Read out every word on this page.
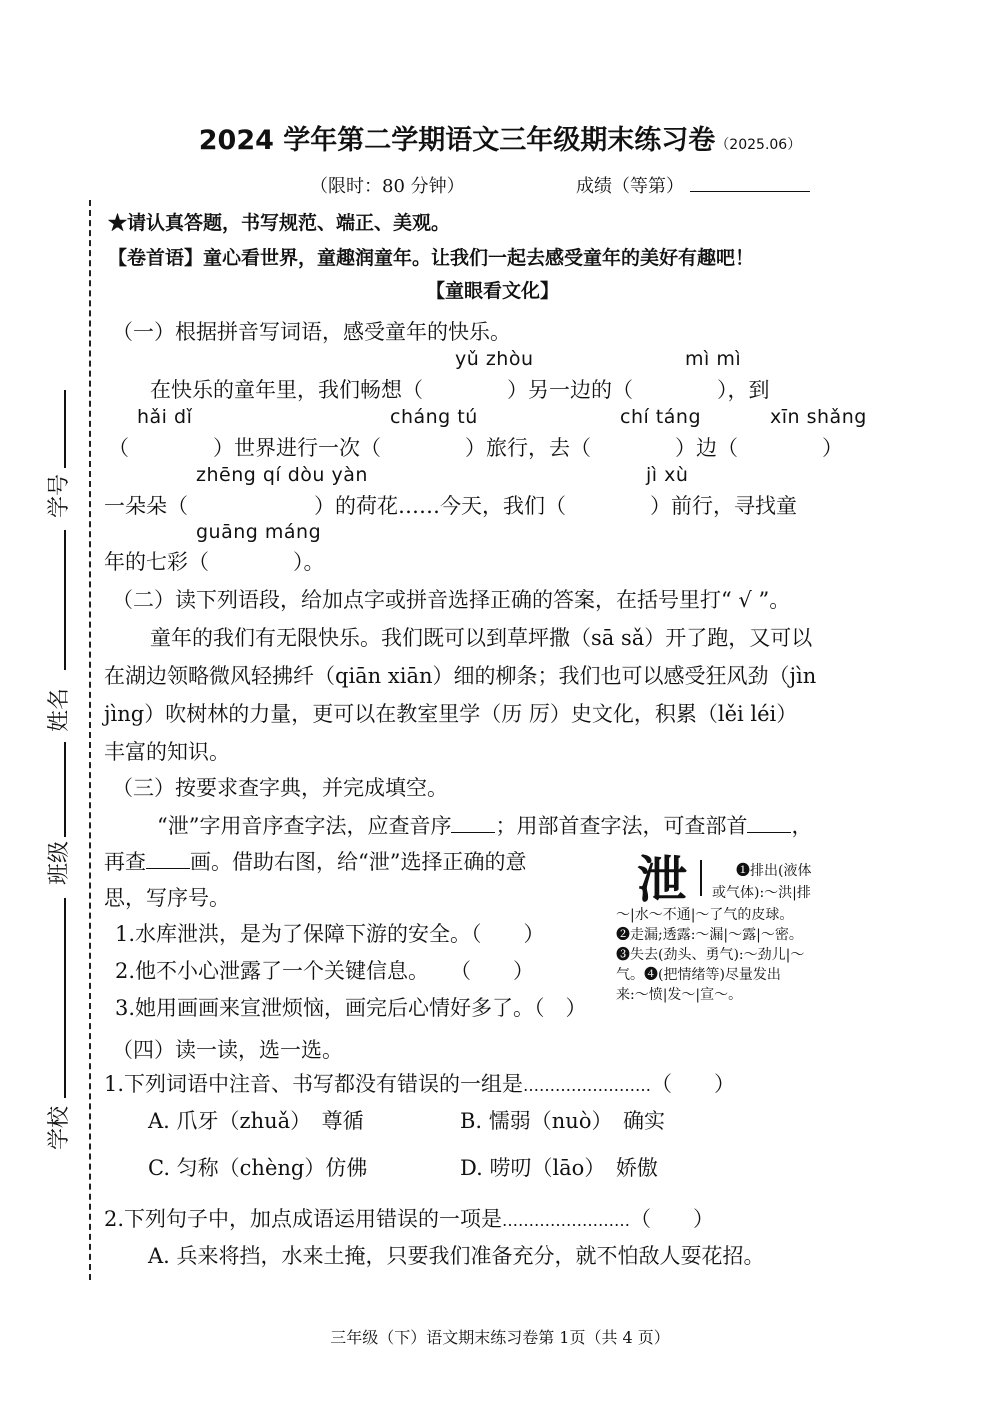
2024 学年第二学期语文三年级期末练习卷（2025.06）
（限时：80 分钟）	成绩（等第）
学号
姓名
班级
学校
★请认真答题，书写规范、端正、美观。
【卷首语】童心看世界，童趣润童年。让我们一起去感受童年的美好有趣吧！
【童眼看文化】
（一）根据拼音写词语，感受童年的快乐。
yǔ zhòu	mì mì
在快乐的童年里，我们畅想（　　　　）另一边的（　　　　），到
hǎi dǐ	cháng tú	chí táng	xīn shǎng
（　　　　）世界进行一次（　　　　）旅行，去（　　　　）边（　　　　）
zhēng qí dòu yàn	jì xù
一朵朵（　　　　　　）的荷花……今天，我们（　　　　）前行，寻找童
guāng máng
年的七彩（　　　　）。
（二）读下列语段，给加点字或拼音选择正确的答案，在括号里打“ √ ”。
童年的我们有无限快乐。我们既可以到草坪撒（sā sǎ）开了跑，又可以
在湖边领略微风轻拂纤（qiān xiān）细的柳条；我们也可以感受狂风劲（jìn
jìng）吹树林的力量，更可以在教室里学（历 厉）史文化，积累（lěi léi）
丰富的知识。
（三）按要求查字典，并完成填空。
“泄”字用音序查字法，应查音序 ；用部首查字法，可查部首 ，
再查 画。借助右图，给“泄”选择正确的意
思，写序号。
1.水库泄洪，是为了保障下游的安全。（　　）
2.他不小心泄露了一个关键信息。　　（　　）
3.她用画画来宣泄烦恼，画完后心情好多了。（　）
泄	❶排出(液体
或气体):～洪|排
～|水～不通|～了气的皮球。
❷走漏;透露:～漏|～露|～密。
❸失去(劲头、勇气):～劲儿|～
气。❹(把情绪等)尽量发出
来:～愤|发～|宣～。
（四）读一读，选一选。
1.下列词语中注音、书写都没有错误的一组是……………………（　　）
A. 爪牙（zhuǎ）　尊循	B. 懦弱（nuò）　确实
C. 匀称（chèng）仿佛	D. 唠叨（lāo）　娇傲
2.下列句子中，加点成语运用错误的一项是……………………（　　）
A. 兵来将挡，水来土掩，只要我们准备充分，就不怕敌人耍花招。
三年级（下）语文期末练习卷第 1页（共 4 页）
